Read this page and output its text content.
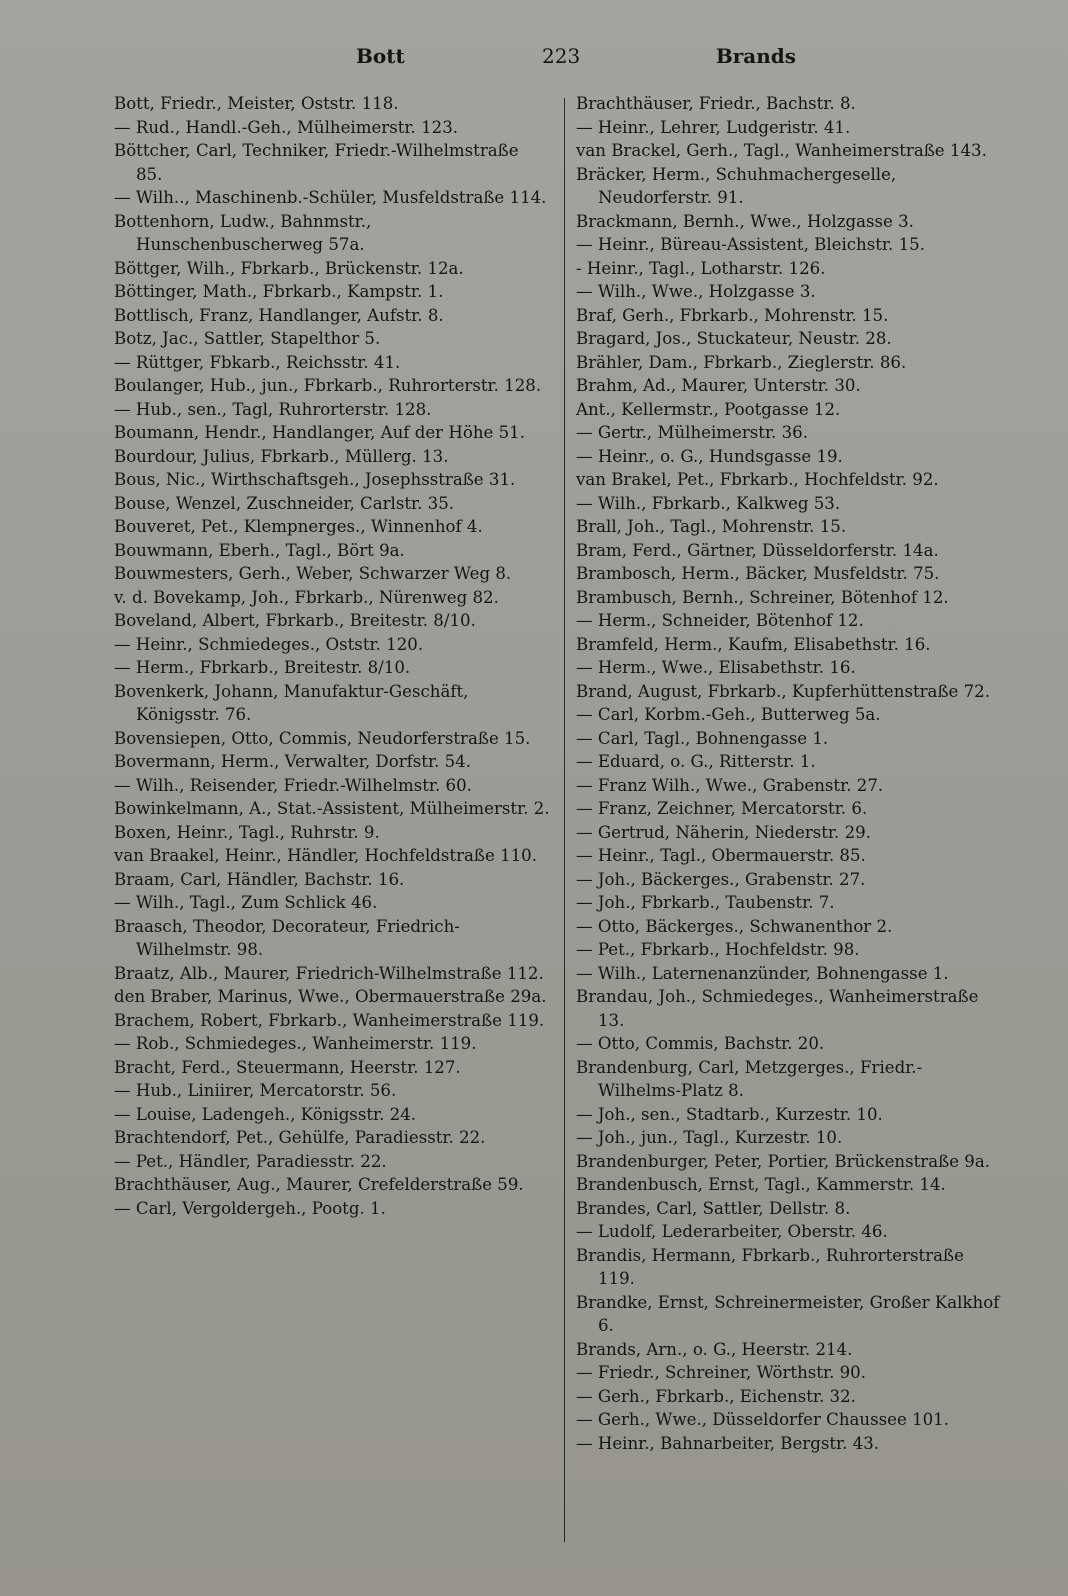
Bott	223	Brands
Bott, Friedr., Meister, Oststr. 118.
— Rud., Handl.-Geh., Mülheimerstr. 123.
Böttcher, Carl, Techniker, Friedr.-Wilhelmstraße 85.
— Wilh.., Maschinenb.-Schüler, Musfeldstraße 114.
Bottenhorn, Ludw., Bahnmstr., Hunschenbuscherweg 57a.
Böttger, Wilh., Fbrkarb., Brückenstr. 12a.
Böttinger, Math., Fbrkarb., Kampstr. 1.
Bottlisch, Franz, Handlanger, Aufstr. 8.
Botz, Jac., Sattler, Stapelthor 5.
— Rüttger, Fbkarb., Reichsstr. 41.
Boulanger, Hub., jun., Fbrkarb., Ruhrorterstr. 128.
— Hub., sen., Tagl, Ruhrorterstr. 128.
Boumann, Hendr., Handlanger, Auf der Höhe 51.
Bourdour, Julius, Fbrkarb., Müllerg. 13.
Bous, Nic., Wirthschaftsgeh., Josephsstraße 31.
Bouse, Wenzel, Zuschneider, Carlstr. 35.
Bouveret, Pet., Klempnerges., Winnenhof 4.
Bouwmann, Eberh., Tagl., Bört 9a.
Bouwmesters, Gerh., Weber, Schwarzer Weg 8.
v. d. Bovekamp, Joh., Fbrkarb., Nürenweg 82.
Boveland, Albert, Fbrkarb., Breitestr. 8/10.
— Heinr., Schmiedeges., Oststr. 120.
— Herm., Fbrkarb., Breitestr. 8/10.
Bovenkerk, Johann, Manufaktur-Geschäft, Königsstr. 76.
Bovensiepen, Otto, Commis, Neudorferstraße 15.
Bovermann, Herm., Verwalter, Dorfstr. 54.
— Wilh., Reisender, Friedr.-Wilhelmstr. 60.
Bowinkelmann, A., Stat.-Assistent, Mülheimerstr. 2.
Boxen, Heinr., Tagl., Ruhrstr. 9.
van Braakel, Heinr., Händler, Hochfeldstraße 110.
Braam, Carl, Händler, Bachstr. 16.
— Wilh., Tagl., Zum Schlick 46.
Braasch, Theodor, Decorateur, Friedrich-Wilhelmstr. 98.
Braatz, Alb., Maurer, Friedrich-Wilhelmstraße 112.
den Braber, Marinus, Wwe., Obermauerstraße 29a.
Brachem, Robert, Fbrkarb., Wanheimerstraße 119.
— Rob., Schmiedeges., Wanheimerstr. 119.
Bracht, Ferd., Steuermann, Heerstr. 127.
— Hub., Liniirer, Mercatorstr. 56.
— Louise, Ladengeh., Königsstr. 24.
Brachtendorf, Pet., Gehülfe, Paradiesstr. 22.
— Pet., Händler, Paradiesstr. 22.
Brachthäuser, Aug., Maurer, Crefelderstraße 59.
— Carl, Vergoldergeh., Pootg. 1.
Brachthäuser, Friedr., Bachstr. 8.
— Heinr., Lehrer, Ludgeristr. 41.
van Brackel, Gerh., Tagl., Wanheimerstraße 143.
Bräcker, Herm., Schuhmachergeselle, Neudorferstr. 91.
Brackmann, Bernh., Wwe., Holzgasse 3.
— Heinr., Büreau-Assistent, Bleichstr. 15.
- Heinr., Tagl., Lotharstr. 126.
— Wilh., Wwe., Holzgasse 3.
Braf, Gerh., Fbrkarb., Mohrenstr. 15.
Bragard, Jos., Stuckateur, Neustr. 28.
Brähler, Dam., Fbrkarb., Zieglerstr. 86.
Brahm, Ad., Maurer, Unterstr. 30.
Ant., Kellermstr., Pootgasse 12.
— Gertr., Mülheimerstr. 36.
— Heinr., o. G., Hundsgasse 19.
van Brakel, Pet., Fbrkarb., Hochfeldstr. 92.
— Wilh., Fbrkarb., Kalkweg 53.
Brall, Joh., Tagl., Mohrenstr. 15.
Bram, Ferd., Gärtner, Düsseldorferstr. 14a.
Brambosch, Herm., Bäcker, Musfeldstr. 75.
Brambusch, Bernh., Schreiner, Bötenhof 12.
— Herm., Schneider, Bötenhof 12.
Bramfeld, Herm., Kaufm, Elisabethstr. 16.
— Herm., Wwe., Elisabethstr. 16.
Brand, August, Fbrkarb., Kupferhüttenstraße 72.
— Carl, Korbm.-Geh., Butterweg 5a.
— Carl, Tagl., Bohnengasse 1.
— Eduard, o. G., Ritterstr. 1.
— Franz Wilh., Wwe., Grabenstr. 27.
— Franz, Zeichner, Mercatorstr. 6.
— Gertrud, Näherin, Niederstr. 29.
— Heinr., Tagl., Obermauerstr. 85.
— Joh., Bäckerges., Grabenstr. 27.
— Joh., Fbrkarb., Taubenstr. 7.
— Otto, Bäckerges., Schwanenthor 2.
— Pet., Fbrkarb., Hochfeldstr. 98.
— Wilh., Laternenanzünder, Bohnengasse 1.
Brandau, Joh., Schmiedeges., Wanheimerstraße 13.
— Otto, Commis, Bachstr. 20.
Brandenburg, Carl, Metzgerges., Friedr.-Wilhelms-Platz 8.
— Joh., sen., Stadtarb., Kurzestr. 10.
— Joh., jun., Tagl., Kurzestr. 10.
Brandenburger, Peter, Portier, Brückenstraße 9a.
Brandenbusch, Ernst, Tagl., Kammerstr. 14.
Brandes, Carl, Sattler, Dellstr. 8.
— Ludolf, Lederarbeiter, Oberstr. 46.
Brandis, Hermann, Fbrkarb., Ruhrorterstraße 119.
Brandke, Ernst, Schreinermeister, Großer Kalkhof 6.
Brands, Arn., o. G., Heerstr. 214.
— Friedr., Schreiner, Wörthstr. 90.
— Gerh., Fbrkarb., Eichenstr. 32.
— Gerh., Wwe., Düsseldorfer Chaussee 101.
— Heinr., Bahnarbeiter, Bergstr. 43.
